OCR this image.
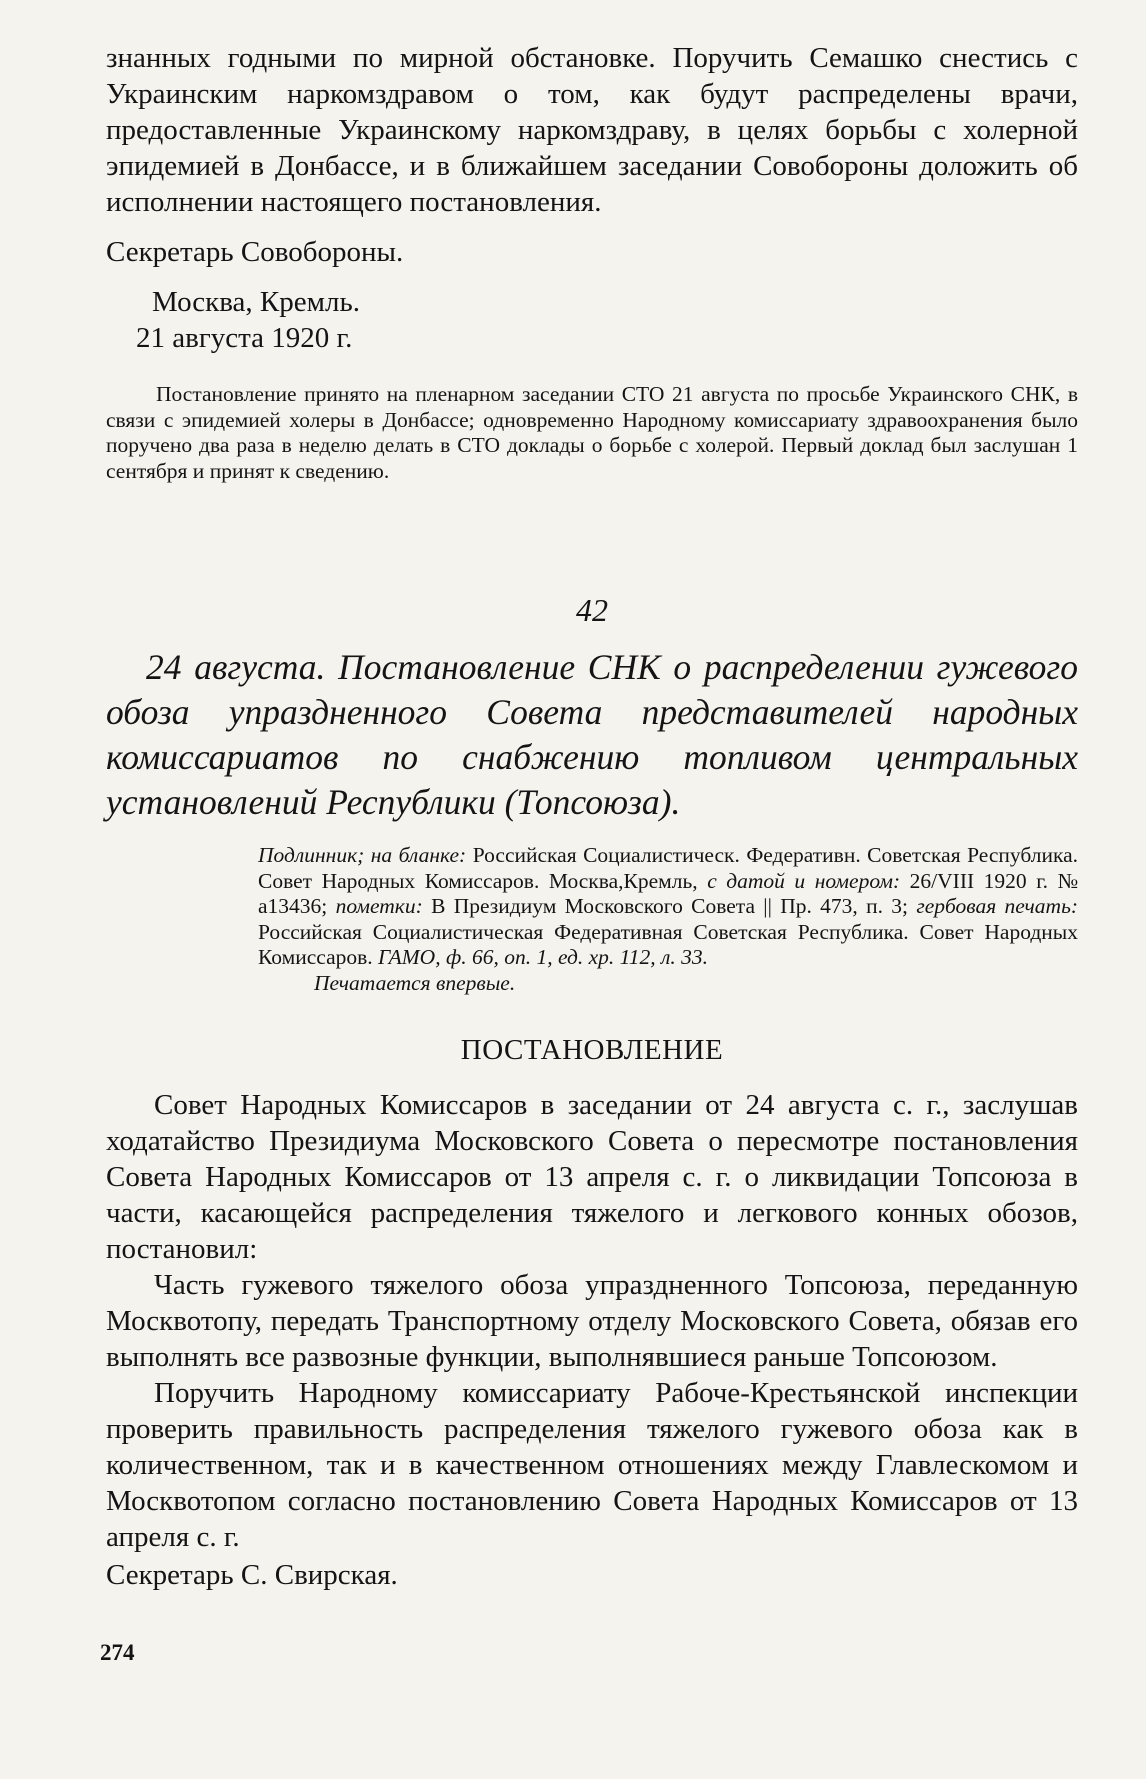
знанных годными по мирной обстановке. Поручить Семашко снестись с Украинским наркомздравом о том, как будут распределены врачи, предоставленные Украинскому наркомздраву, в целях борьбы с холерной эпидемией в Донбассе, и в ближайшем заседании Совобороны доложить об исполнении настоящего постановления.

Секретарь Совобороны.

Москва, Кремль.

21 августа 1920 г.

Постановление принято на пленарном заседании СТО 21 августа по просьбе Украинского СНК, в связи с эпидемией холеры в Донбассе; одновременно Народному комиссариату здравоохранения было поручено два раза в неделю делать в СТО доклады о борьбе с холерой. Первый доклад был заслушан 1 сентября и принят к сведению.

42

24 августа. Постановление СНК о распределении гужевого обоза упраздненного Совета представителей народных комиссариатов по снабжению топливом центральных установлений Республики (Топсоюза).

Подлинник; на бланке: Российская Социалистическ. Федеративн. Советская Республика. Совет Народных Комиссаров. Москва,Кремль, с датой и номером: 26/VIII 1920 г. № а13436; пометки: В Президиум Московского Совета || Пр. 473, п. 3; гербовая печать: Российская Социалистическая Федеративная Советская Республика. Совет Народных Комиссаров. ГАМО, ф. 66, оп. 1, ед. хр. 112, л. 33.

Печатается впервые.

ПОСТАНОВЛЕНИЕ

Совет Народных Комиссаров в заседании от 24 августа с. г., заслушав ходатайство Президиума Московского Совета о пересмотре постановления Совета Народных Комиссаров от 13 апреля с. г. о ликвидации Топсоюза в части, касающейся распределения тяжелого и легкового конных обозов, постановил:

Часть гужевого тяжелого обоза упраздненного Топсоюза, переданную Москвотопу, передать Транспортному отделу Московского Совета, обязав его выполнять все развозные функции, выполнявшиеся раньше Топсоюзом.

Поручить Народному комиссариату Рабоче-Крестьянской инспекции проверить правильность распределения тяжелого гужевого обоза как в количественном, так и в качественном отношениях между Главлескомом и Москвотопом согласно постановлению Совета Народных Комиссаров от 13 апреля с. г.

Секретарь С. Свирская.

274
